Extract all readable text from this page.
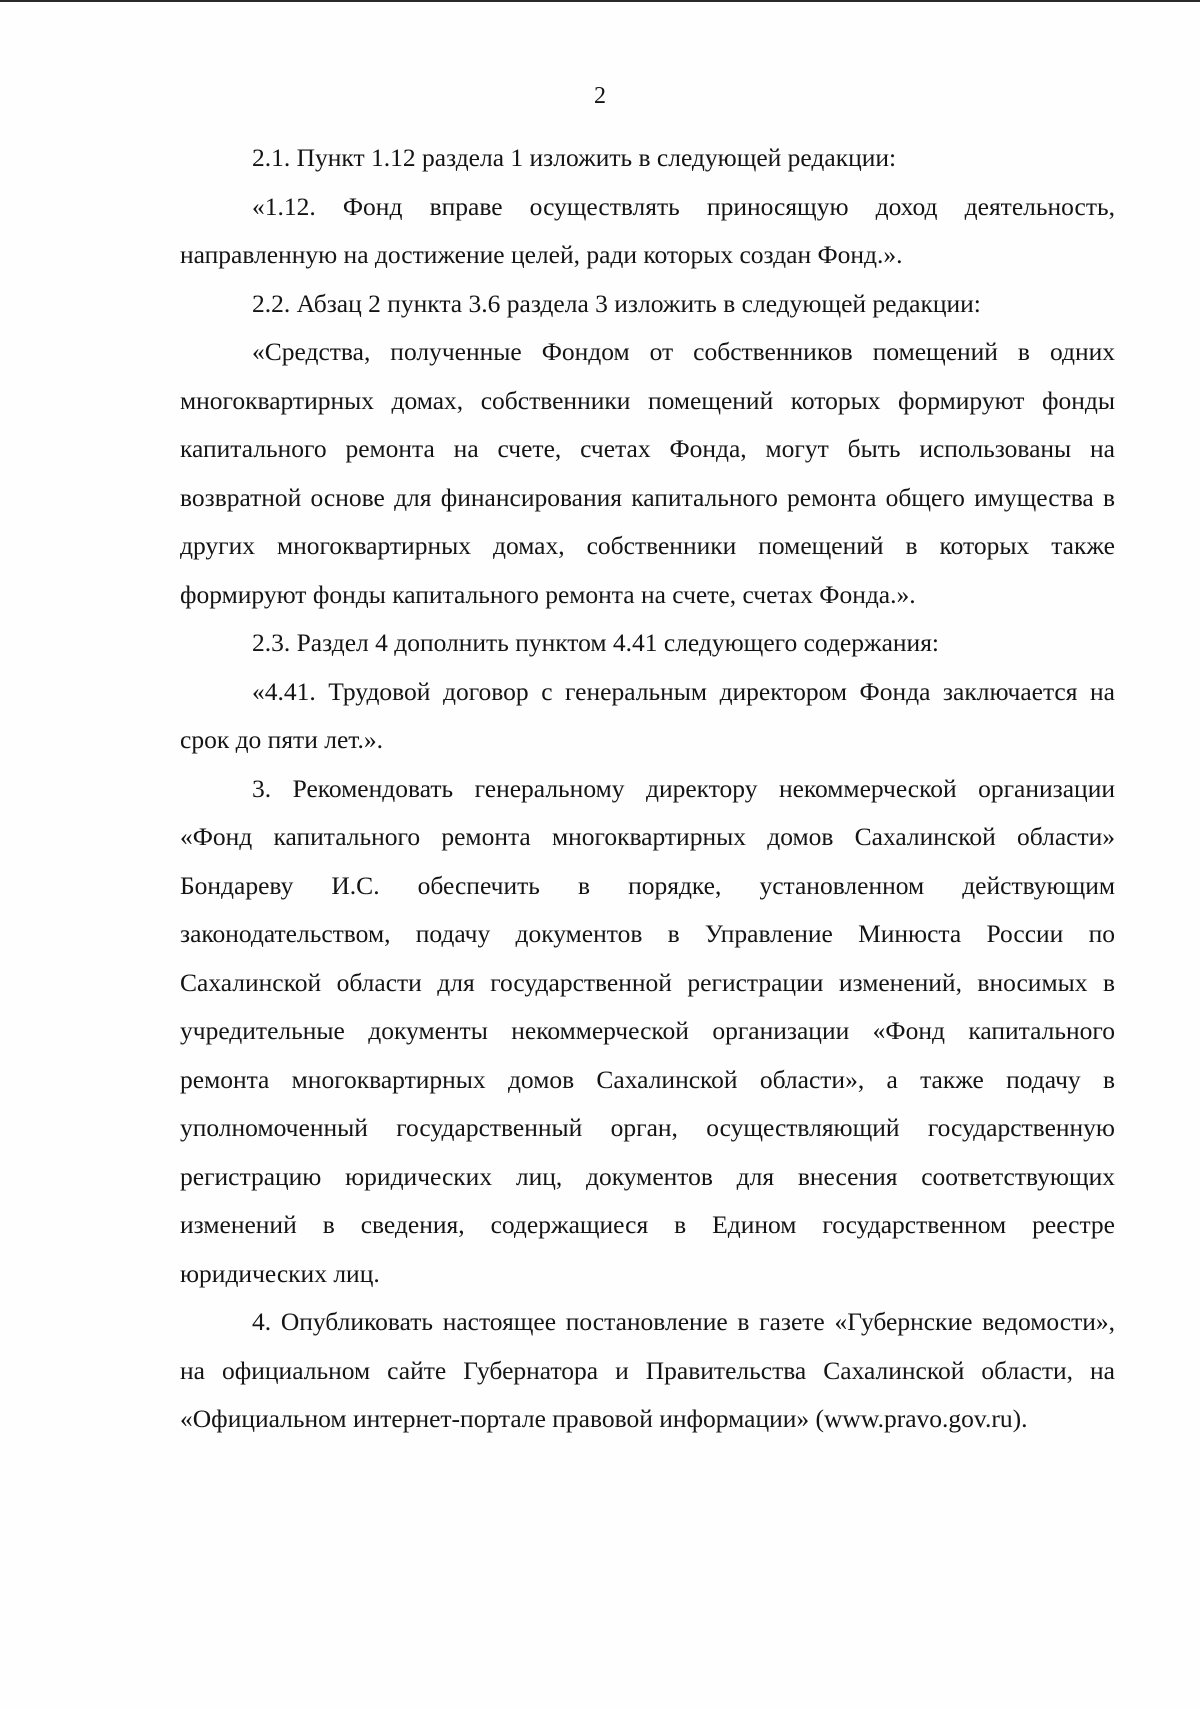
2

2.1. Пункт 1.12 раздела 1 изложить в следующей редакции:

«1.12. Фонд вправе осуществлять приносящую доход деятельность, направленную на достижение целей, ради которых создан Фонд.».

2.2. Абзац 2 пункта 3.6 раздела 3 изложить в следующей редакции:

«Средства, полученные Фондом от собственников помещений в одних многоквартирных домах, собственники помещений которых формируют фонды капитального ремонта на счете, счетах Фонда, могут быть использованы на возвратной основе для финансирования капитального ремонта общего имущества в других многоквартирных домах, собственники помещений в которых также формируют фонды капитального ремонта на счете, счетах Фонда.».

2.3. Раздел 4 дополнить пунктом 4.41 следующего содержания:

«4.41. Трудовой договор с генеральным директором Фонда заключается на срок до пяти лет.».

3. Рекомендовать генеральному директору некоммерческой организации «Фонд капитального ремонта многоквартирных домов Сахалинской области» Бондареву И.С. обеспечить в порядке, установленном действующим законодательством, подачу документов в Управление Минюста России по Сахалинской области для государственной регистрации изменений, вносимых в учредительные документы некоммерческой организации «Фонд капитального ремонта многоквартирных домов Сахалинской области», а также подачу в уполномоченный государственный орган, осуществляющий государственную регистрацию юридических лиц, документов для внесения соответствующих изменений в сведения, содержащиеся в Едином государственном реестре юридических лиц.

4. Опубликовать настоящее постановление в газете «Губернские ведомости», на официальном сайте Губернатора и Правительства Сахалинской области, на «Официальном интернет-портале правовой информации» (www.pravo.gov.ru).
